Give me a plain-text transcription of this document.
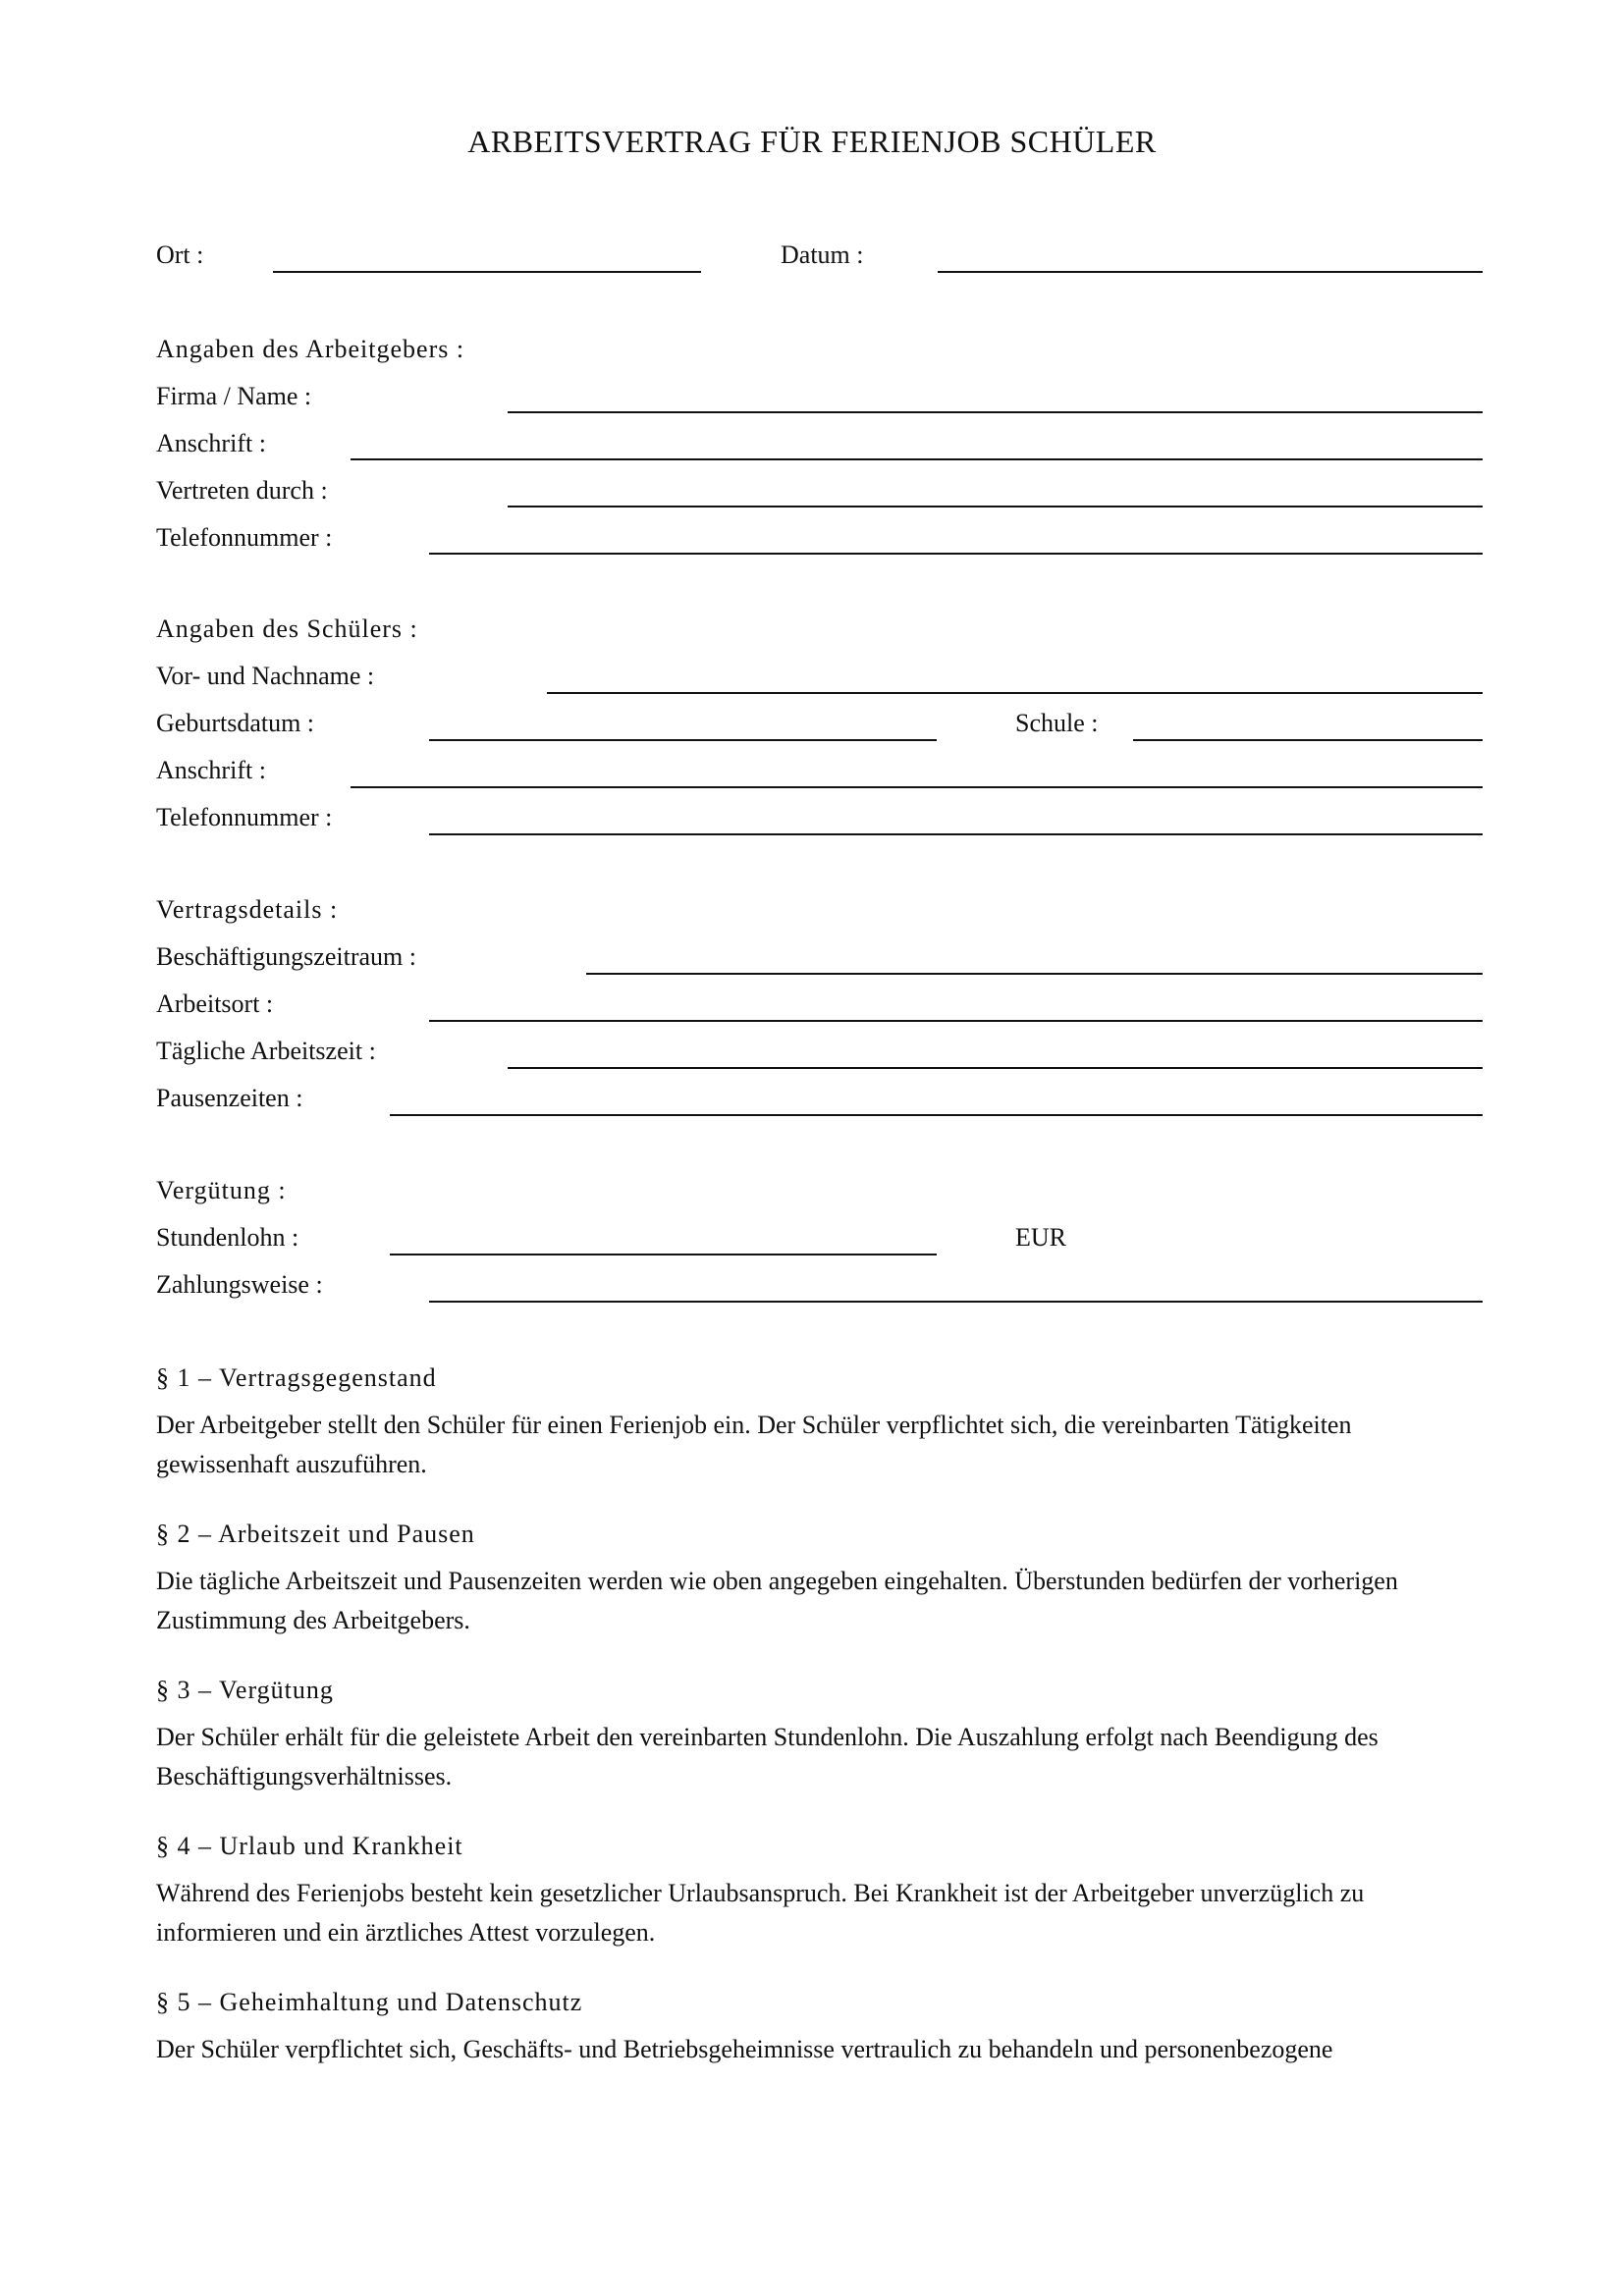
ARBEITSVERTRAG FÜR FERIENJOB SCHÜLER
Ort :	Datum :
Angaben des Arbeitgebers :
Firma / Name :
Anschrift :
Vertreten durch :
Telefonnummer :
Angaben des Schülers :
Vor- und Nachname :
Geburtsdatum :	Schule :
Anschrift :
Telefonnummer :
Vertragsdetails :
Beschäftigungszeitraum :
Arbeitsort :
Tägliche Arbeitszeit :
Pausenzeiten :
Vergütung :
Stundenlohn :	EUR
Zahlungsweise :
§ 1 – Vertragsgegenstand
Der Arbeitgeber stellt den Schüler für einen Ferienjob ein. Der Schüler verpflichtet sich, die vereinbarten Tätigkeiten gewissenhaft auszuführen.
§ 2 – Arbeitszeit und Pausen
Die tägliche Arbeitszeit und Pausenzeiten werden wie oben angegeben eingehalten. Überstunden bedürfen der vorherigen Zustimmung des Arbeitgebers.
§ 3 – Vergütung
Der Schüler erhält für die geleistete Arbeit den vereinbarten Stundenlohn. Die Auszahlung erfolgt nach Beendigung des Beschäftigungsverhältnisses.
§ 4 – Urlaub und Krankheit
Während des Ferienjobs besteht kein gesetzlicher Urlaubsanspruch. Bei Krankheit ist der Arbeitgeber unverzüglich zu informieren und ein ärztliches Attest vorzulegen.
§ 5 – Geheimhaltung und Datenschutz
Der Schüler verpflichtet sich, Geschäfts- und Betriebsgeheimnisse vertraulich zu behandeln und personenbezogene
